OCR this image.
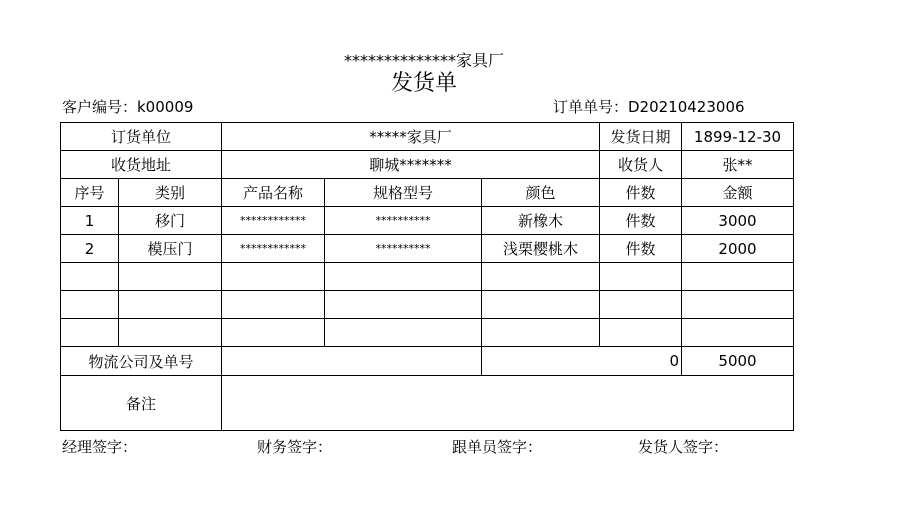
**************家具厂
发货单
客户编号：k00009	订单单号：D20210423006
订货单位		*****家具厂			发货日期	1899-12-30
收货地址		聊城*******			收货人	张**
序号	类别	产品名称	规格型号	颜色	件数	金额
1	移门	************	**********	新橡木	件数	3000
2	模压门	************	**********	浅栗樱桃木	件数	2000

物流公司及单号				0		5000
备注						
经理签字：	财务签字：	跟单员签字：	发货人签字：
